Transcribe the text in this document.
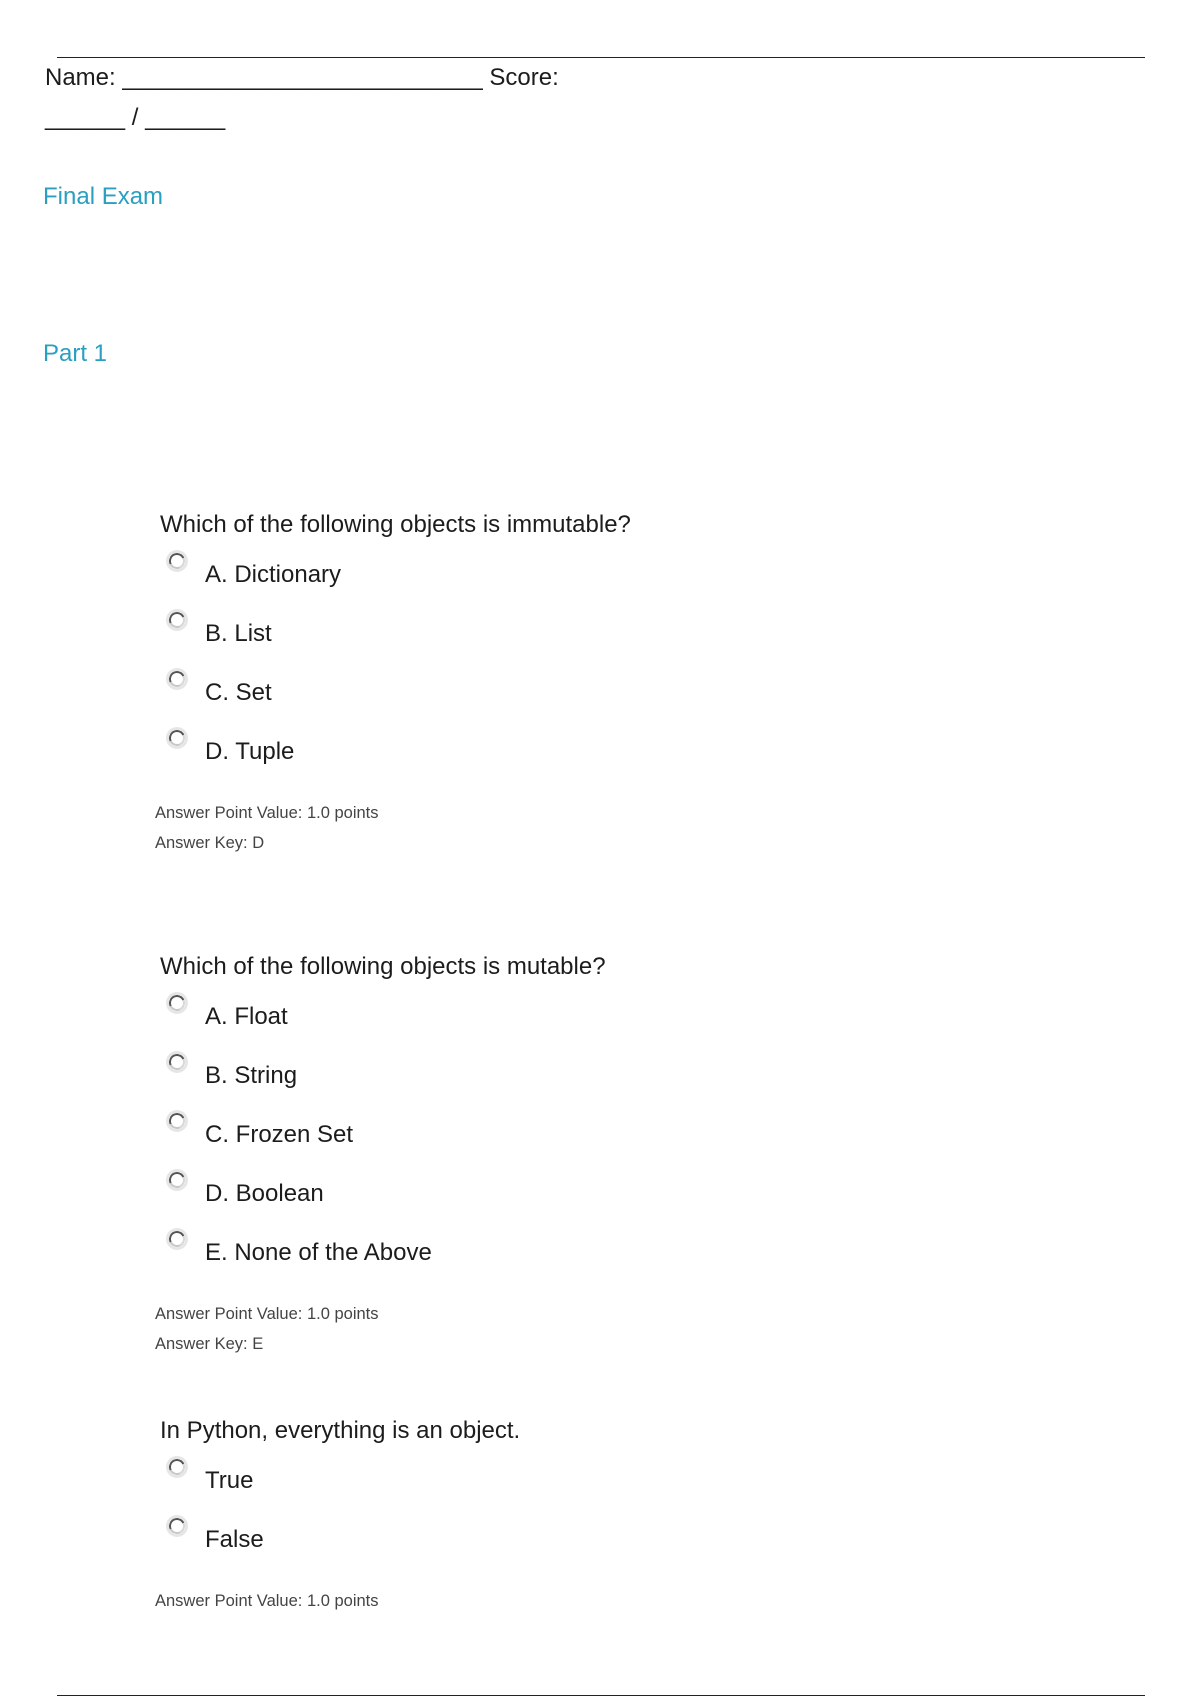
Name: ___________________________ Score:
______ / ______
Final Exam
Part 1
Which of the following objects is immutable?
A. Dictionary
B. List
C. Set
D. Tuple
Answer Point Value: 1.0 points
Answer Key: D
Which of the following objects is mutable?
A. Float
B. String
C. Frozen Set
D. Boolean
E. None of the Above
Answer Point Value: 1.0 points
Answer Key: E
In Python, everything is an object.
True
False
Answer Point Value: 1.0 points
